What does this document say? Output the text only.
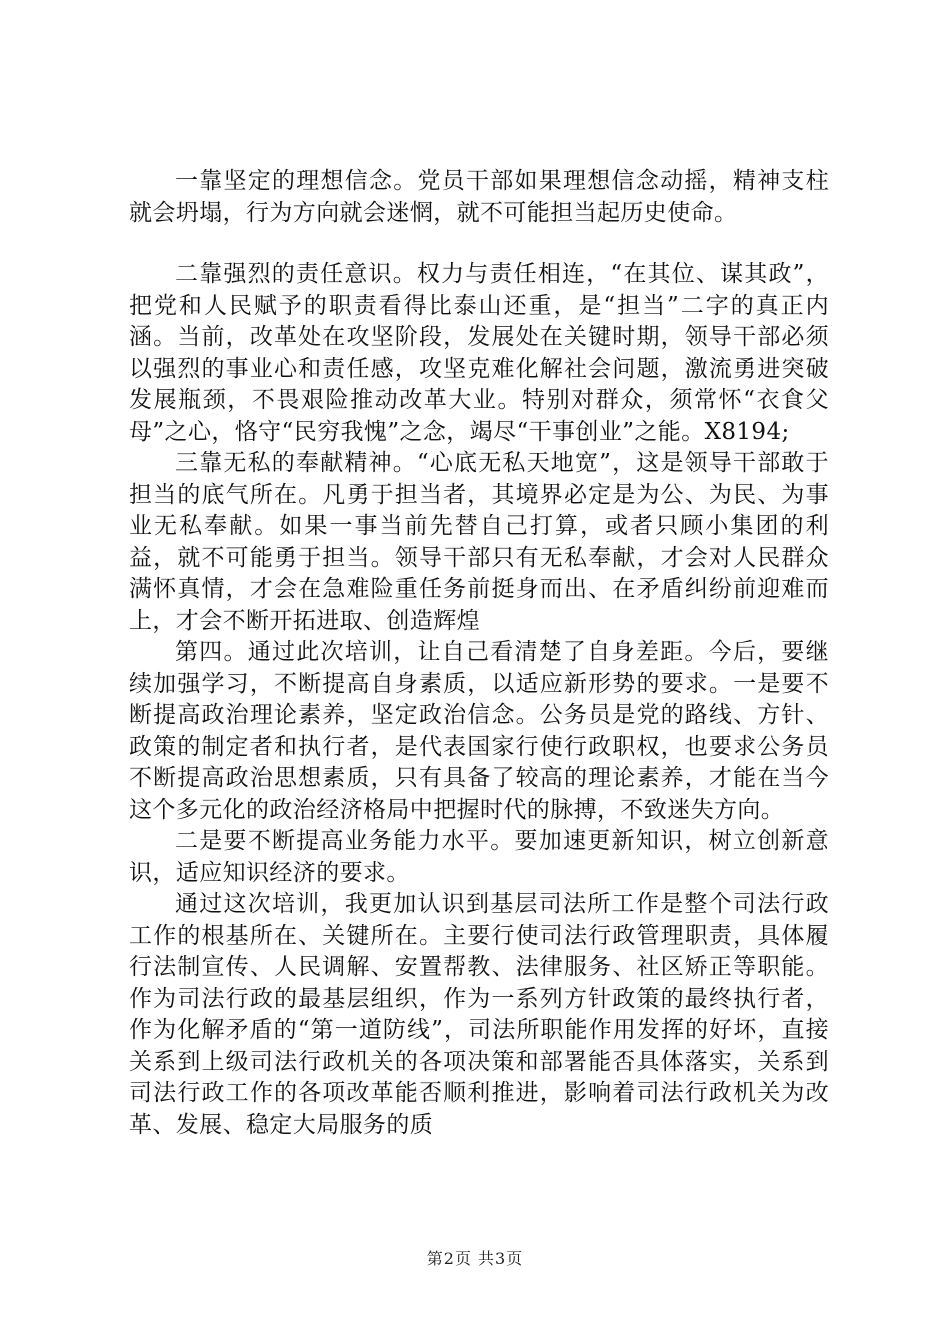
一靠坚定的理想信念。党员干部如果理想信念动摇，精神支柱就会坍塌，行为方向就会迷惘，就不可能担当起历史使命。

二靠强烈的责任意识。权力与责任相连，“在其位、谋其政”，把党和人民赋予的职责看得比泰山还重，是“担当”二字的真正内涵。当前，改革处在攻坚阶段，发展处在关键时期，领导干部必须以强烈的事业心和责任感，攻坚克难化解社会问题，激流勇进突破发展瓶颈，不畏艰险推动改革大业。特别对群众，须常怀“衣食父母”之心，恪守“民穷我愧”之念，竭尽“干事创业”之能。X8194;

三靠无私的奉献精神。“心底无私天地宽”，这是领导干部敢于担当的底气所在。凡勇于担当者，其境界必定是为公、为民、为事业无私奉献。如果一事当前先替自己打算，或者只顾小集团的利益，就不可能勇于担当。领导干部只有无私奉献，才会对人民群众满怀真情，才会在急难险重任务前挺身而出、在矛盾纠纷前迎难而上，才会不断开拓进取、创造辉煌

第四。通过此次培训，让自己看清楚了自身差距。今后，要继续加强学习，不断提高自身素质，以适应新形势的要求。一是要不断提高政治理论素养，坚定政治信念。公务员是党的路线、方针、政策的制定者和执行者，是代表国家行使行政职权，也要求公务员不断提高政治思想素质，只有具备了较高的理论素养，才能在当今这个多元化的政治经济格局中把握时代的脉搏，不致迷失方向。

二是要不断提高业务能力水平。要加速更新知识，树立创新意识，适应知识经济的要求。

通过这次培训，我更加认识到基层司法所工作是整个司法行政工作的根基所在、关键所在。主要行使司法行政管理职责，具体履行法制宣传、人民调解、安置帮教、法律服务、社区矫正等职能。作为司法行政的最基层组织，作为一系列方针政策的最终执行者，作为化解矛盾的“第一道防线”，司法所职能作用发挥的好坏，直接关系到上级司法行政机关的各项决策和部署能否具体落实，关系到司法行政工作的各项改革能否顺利推进，影响着司法行政机关为改革、发展、稳定大局服务的质

第2页 共3页
